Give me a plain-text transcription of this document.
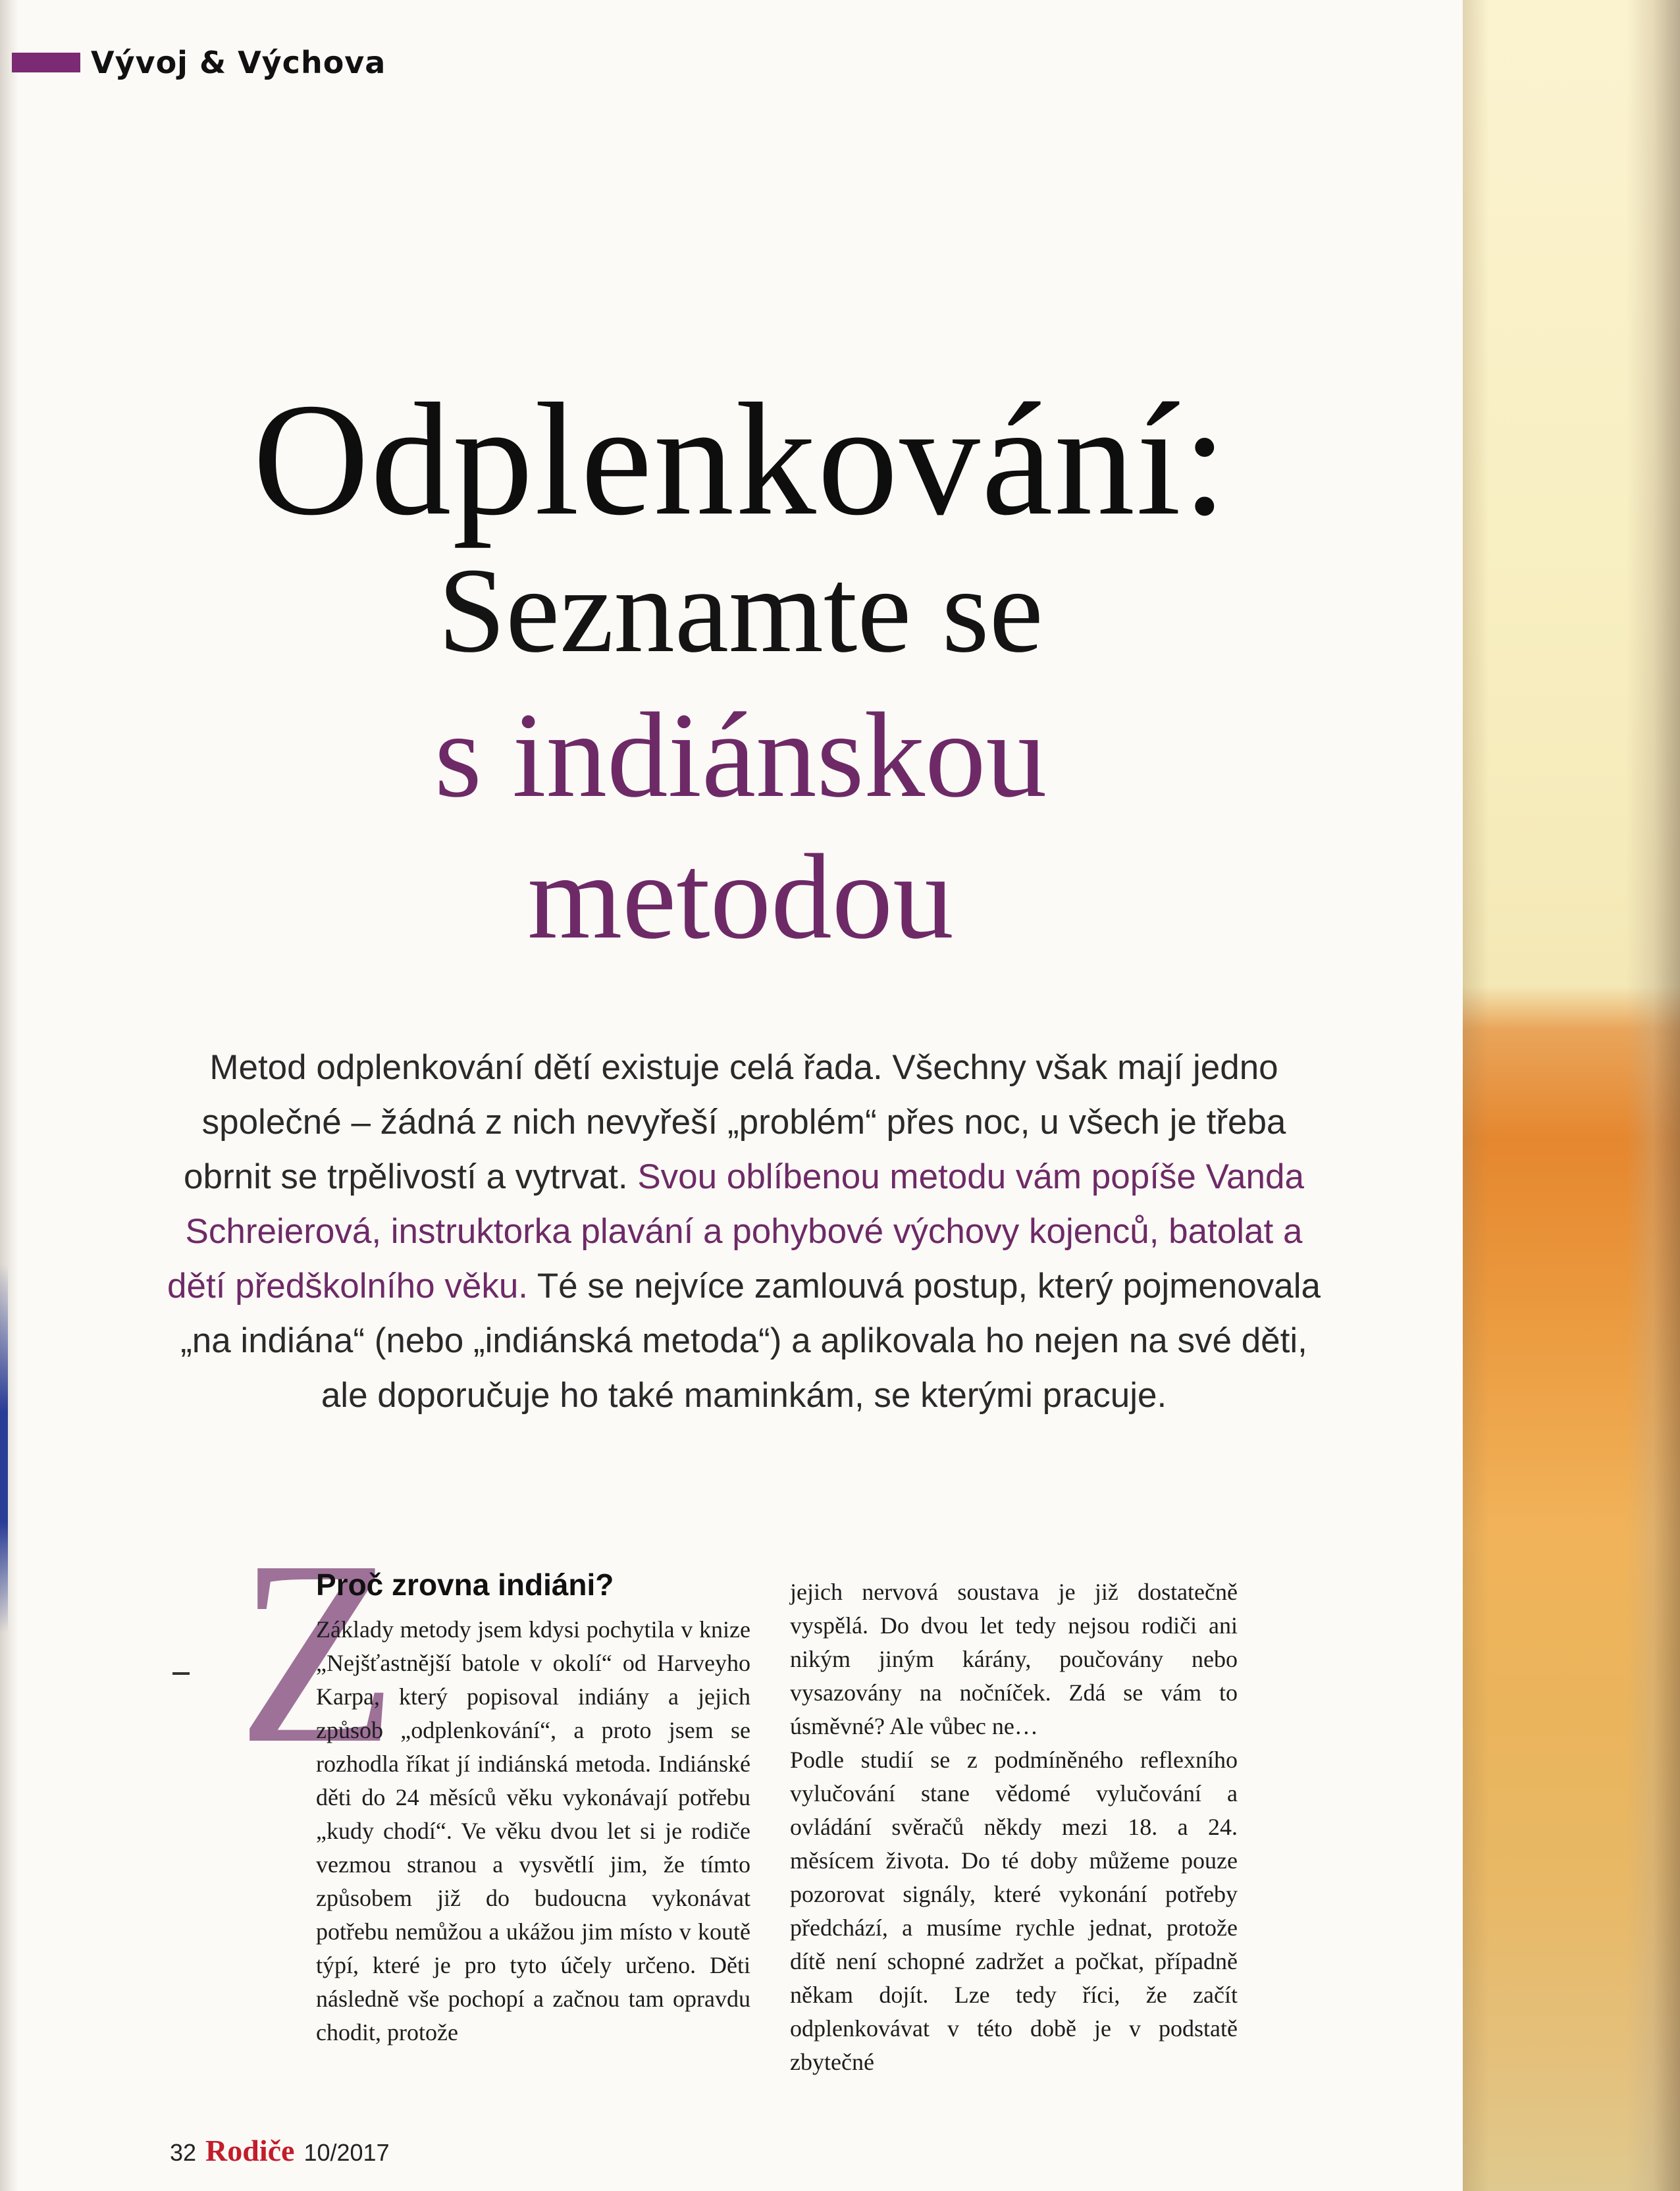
Vývoj & Výchova
Odplenkování:
Seznamte se
s indiánskou
metodou
Metod odplenkování dětí existuje celá řada. Všechny však mají jedno společné – žádná z nich nevyřeší „problém“ přes noc, u všech je třeba obrnit se trpělivostí a vytrvat. Svou oblíbenou metodu vám popíše Vanda Schreierová, instruktorka plavání a pohybové výchovy kojenců, batolat a dětí předškolního věku. Té se nejvíce zamlouvá postup, který pojmenovala „na indiána“ (nebo „indiánská metoda“) a aplikovala ho nejen na své děti, ale doporučuje ho také maminkám, se kterými pracuje.
Z
Proč zrovna indiáni?

Základy metody jsem kdysi pochytila v knize „Nejšťastnější batole v okolí“ od Harveyho Karpa, který popisoval indiány a jejich způsob „odplenkování“, a proto jsem se rozhodla říkat jí indiánská metoda. Indiánské děti do 24 měsíců věku vykonávají potřebu „kudy chodí“. Ve věku dvou let si je rodiče vezmou stranou a vysvětlí jim, že tímto způsobem již do budoucna vykonávat potřebu nemůžou a ukážou jim místo v koutě týpí, které je pro tyto účely určeno. Děti následně vše pochopí a začnou tam opravdu chodit, protože

jejich nervová soustava je již dostatečně vyspělá. Do dvou let tedy nejsou rodiči ani nikým jiným kárány, poučovány nebo vysazovány na nočníček. Zdá se vám to úsměvné? Ale vůbec ne…

Podle studií se z podmíněného reflexního vylučování stane vědomé vylučování a ovládání svěračů někdy mezi 18. a 24. měsícem života. Do té doby můžeme pouze pozorovat signály, které vykonání potřeby předchází, a musíme rychle jednat, protože dítě není schopné zadržet a počkat, případně někam dojít. Lze tedy říci, že začít odplenkovávat v této době je v podstatě zbytečné

32 Rodiče 10/2017
